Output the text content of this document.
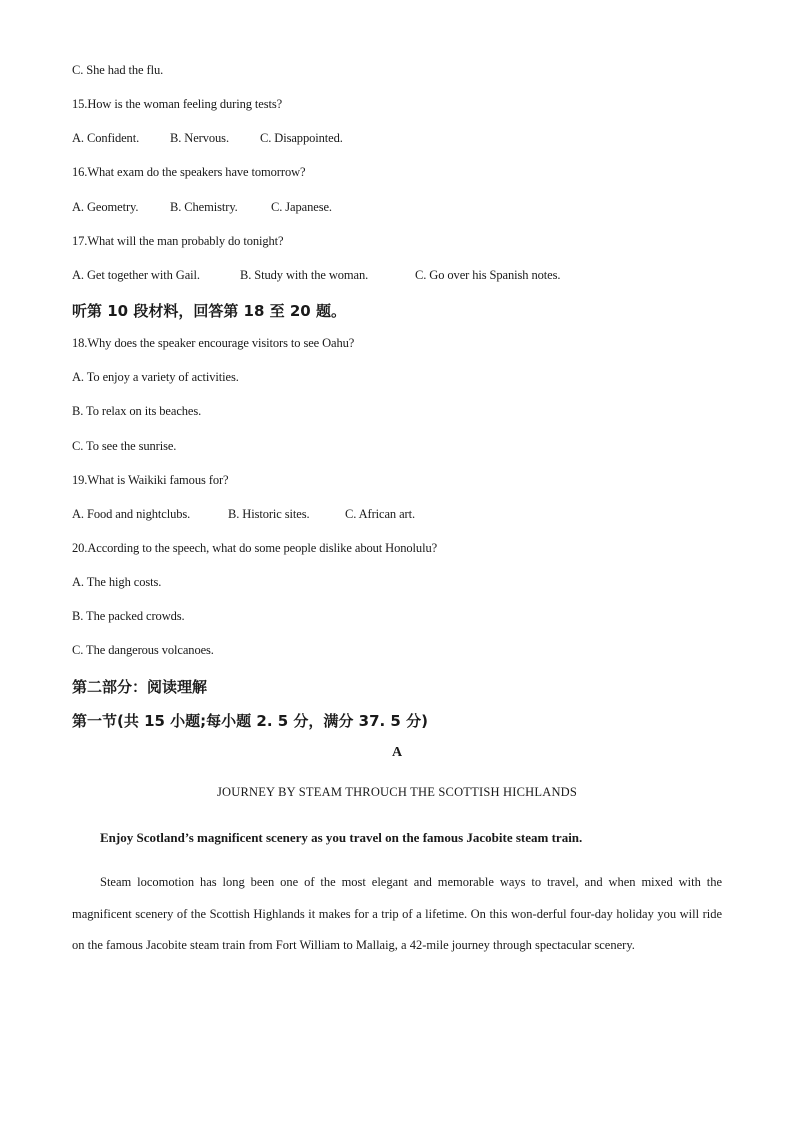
C. She had the flu.
15.How is the woman feeling during tests?
A. Confident. B. Nervous. C. Disappointed.
16.What exam do the speakers have tomorrow?
A. Geometry.	B. Chemistry.	C. Japanese.
17.What will the man probably do tonight?
A. Get together with Gail.	B. Study with the woman.	C. Go over his Spanish notes.
听第 10 段材料，回答第 18 至 20 题。
18.Why does the speaker encourage visitors to see Oahu?
A. To enjoy a variety of activities.
B. To relax on its beaches.
C. To see the sunrise.
19.What is Waikiki famous for?
A. Food and nightclubs.	B. Historic sites.	C. African art.
20.According to the speech, what do some people dislike about Honolulu?
A. The high costs.
B. The packed crowds.
C. The dangerous volcanoes.
第二部分：阅读理解
第一节(共 15 小题;每小题 2. 5 分，满分 37. 5 分)
A
JOURNEY BY STEAM THROUCH THE SCOTTISH HICHLANDS
Enjoy Scotland’s magnificent scenery as you travel on the famous Jacobite steam train.
Steam locomotion has long been one of the most elegant and memorable ways to travel, and when mixed with the magnificent scenery of the Scottish Highlands it makes for a trip of a lifetime. On this won-derful four-day holiday you will ride on the famous Jacobite steam train from Fort William to Mallaig, a 42-mile journey through spectacular scenery.
